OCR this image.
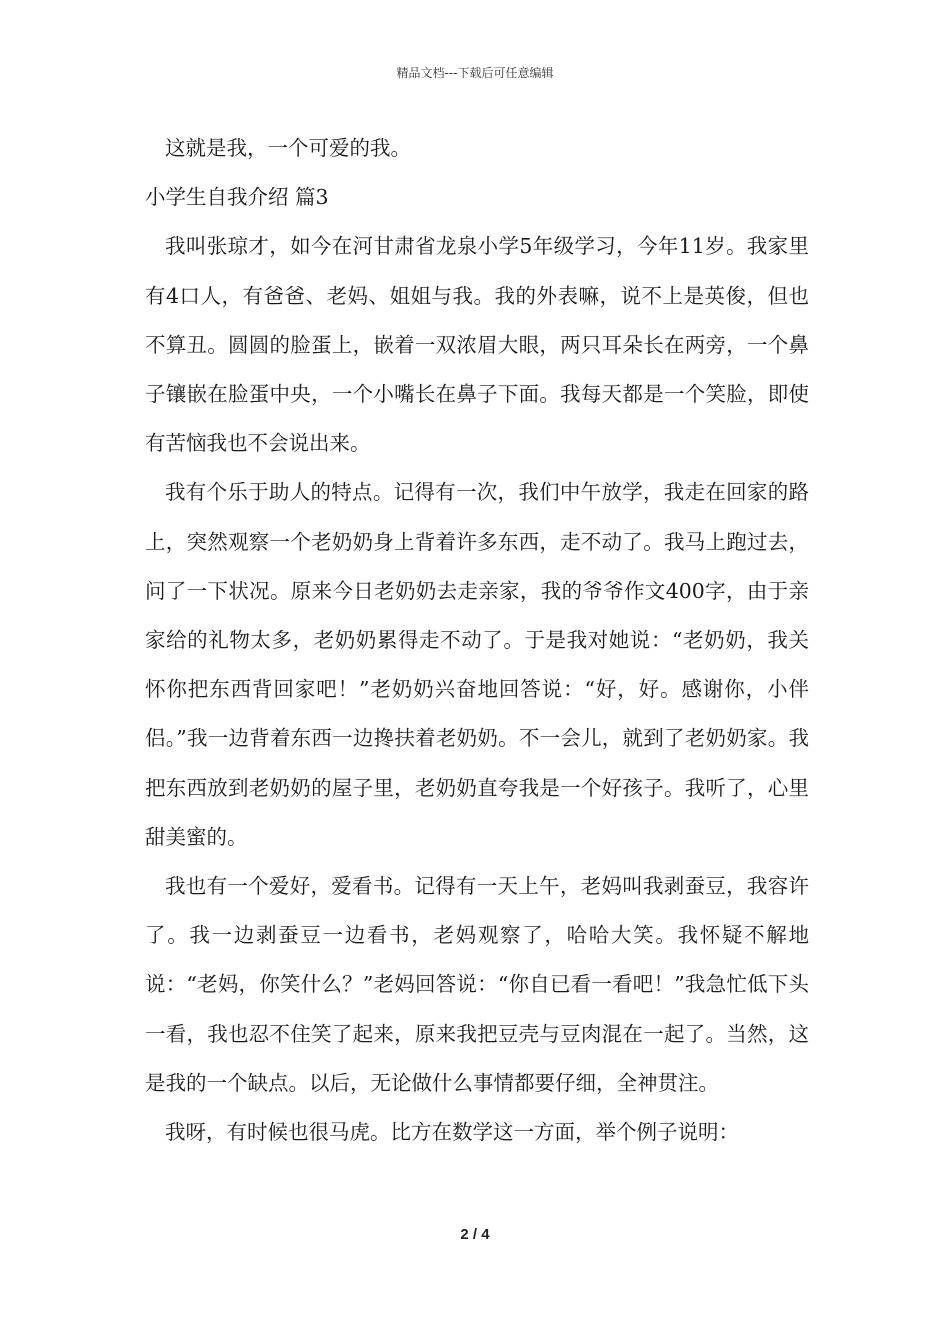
精品文档---下载后可任意编辑

这就是我，一个可爱的我。

小学生自我介绍 篇3

我叫张琼才，如今在河甘肃省龙泉小学5年级学习，今年11岁。我家里有4口人，有爸爸、老妈、姐姐与我。我的外表嘛，说不上是英俊，但也不算丑。圆圆的脸蛋上，嵌着一双浓眉大眼，两只耳朵长在两旁，一个鼻子镶嵌在脸蛋中央，一个小嘴长在鼻子下面。我每天都是一个笑脸，即使有苦恼我也不会说出来。

我有个乐于助人的特点。记得有一次，我们中午放学，我走在回家的路上，突然观察一个老奶奶身上背着许多东西，走不动了。我马上跑过去，问了一下状况。原来今日老奶奶去走亲家，我的爷爷作文400字，由于亲家给的礼物太多，老奶奶累得走不动了。于是我对她说：“老奶奶，我关怀你把东西背回家吧！”老奶奶兴奋地回答说：“好，好。感谢你，小伴侣。”我一边背着东西一边搀扶着老奶奶。不一会儿，就到了老奶奶家。我把东西放到老奶奶的屋子里，老奶奶直夸我是一个好孩子。我听了，心里甜美蜜的。

我也有一个爱好，爱看书。记得有一天上午，老妈叫我剥蚕豆，我容许了。我一边剥蚕豆一边看书，老妈观察了，哈哈大笑。我怀疑不解地说：“老妈，你笑什么？”老妈回答说：“你自已看一看吧！”我急忙低下头一看，我也忍不住笑了起来，原来我把豆壳与豆肉混在一起了。当然，这是我的一个缺点。以后，无论做什么事情都要仔细，全神贯注。

我呀，有时候也很马虎。比方在数学这一方面，举个例子说明：

2 / 4
